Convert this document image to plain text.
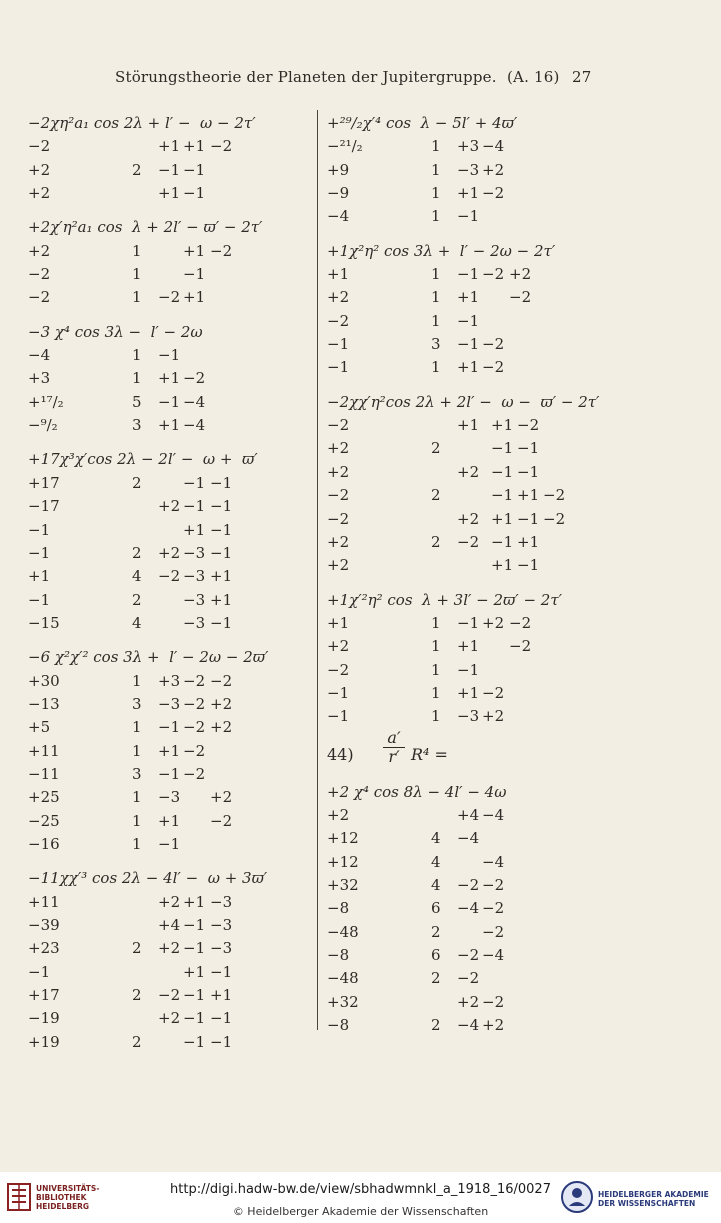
Störungstheorie der Planeten der Jupitergruppe. (A. 16) 27
−2χη²a₁ cos 2λ + l′ −  ω − 2τ′
−2	+1 +1 −2
+2	2 −1 −1
+2	+1 −1
+2χ′η²a₁ cos  λ + 2l′ − ϖ′ − 2τ′
+2	1	+1 −2
−2	1	−1
−2	1 −2 +1
−3 χ⁴ cos 3λ −  l′ − 2ω
−4	1 −1
+3	1 +1 −2
+¹⁷/₂	5 −1 −4
−⁹/₂	3 +1 −4
+17χ³χ′cos 2λ − 2l′ −  ω +  ϖ′
+17	2	−1 −1
−17	+2 −1 −1
−1	+1 −1
−1	2 +2 −3 −1
+1	4 −2 −3 +1
−1	2	−3 +1
−15	4	−3 −1
−6 χ²χ′² cos 3λ +  l′ − 2ω − 2ϖ′
+30	1 +3 −2 −2
−13	3 −3 −2 +2
+5	1 −1 −2 +2
+11	1 +1 −2
−11	3 −1 −2
+25	1 −3 +2
−25	1 +1 −2
−16	1 −1
−11χχ′³ cos 2λ − 4l′ −  ω + 3ϖ′
+11	+2 +1 −3
−39	+4 −1 −3
+23	2 +2 −1 −3
−1	+1 −1
+17	2 −2 −1 +1
−19	+2 −1 −1
+19	2	−1 −1
+²⁹/₂χ′⁴ cos  λ − 5l′ + 4ϖ′
−²¹/₂	1 +3 −4
+9	1 −3 +2
−9	1 +1 −2
−4	1 −1
+1χ²η² cos 3λ +  l′ − 2ω − 2τ′
+1	1 −1 −2 +2
+2	1 +1 −2
−2	1 −1
−1	3 −1 −2
−1	1 +1 −2
−2χχ′η²cos 2λ + 2l′ −  ω −  ϖ′ − 2τ′
−2	+1 +1 −2
+2	2	−1 −1
+2	+2 −1 −1
−2	2	−1 +1 −2
−2	+2 +1 −1 −2
+2	2 −2 −1 +1
+2	+1 −1
+1χ′²η² cos  λ + 3l′ − 2ϖ′ − 2τ′
+1	1 −1 +2 −2
+2	1 +1 −2
−2	1 −1
−1	1 +1 −2
−1	1 −3 +2
44)
a′
r′ R⁴ =
+2 χ⁴ cos 8λ − 4l′ − 4ω
+2	+4 −4
+12	4 −4
+12	4	−4
+32	4 −2 −2
−8	6 −4 −2
−48	2	−2
−8	6 −2 −4
−48	2 −2
+32	+2 −2
−8	2 −4 +2
UNIVERSITÄTS-
BIBLIOTHEK
HEIDELBERG
http://digi.hadw-bw.de/view/sbhadwmnkl_a_1918_16/0027
© Heidelberger Akademie der Wissenschaften
HEIDELBERGER AKADEMIE
DER WISSENSCHAFTEN
